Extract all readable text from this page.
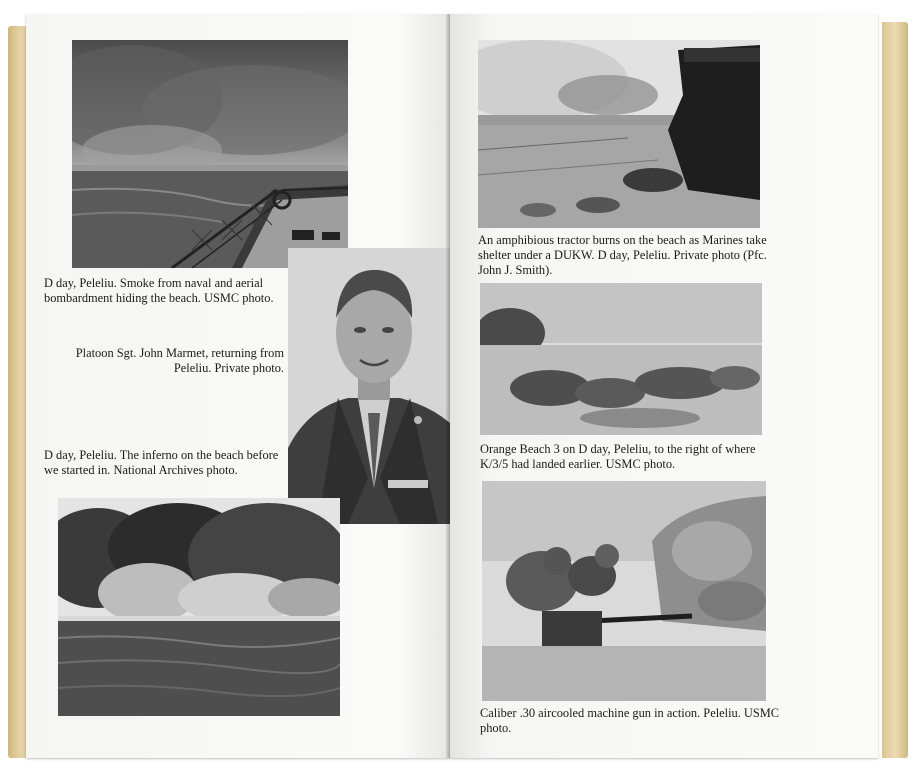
D day, Peleliu. Smoke from naval and aerial bombardment hiding the beach. USMC photo.

Platoon Sgt. John Marmet, returning from Peleliu. Private photo.

D day, Peleliu. The inferno on the beach before we started in. National Archives photo.

An amphibious tractor burns on the beach as Marines take shelter under a DUKW. D day, Peleliu. Private photo (Pfc. John J. Smith).

Orange Beach 3 on D day, Peleliu, to the right of where K/3/5 had landed earlier. USMC photo.

Caliber .30 aircooled machine gun in action. Peleliu. USMC photo.
